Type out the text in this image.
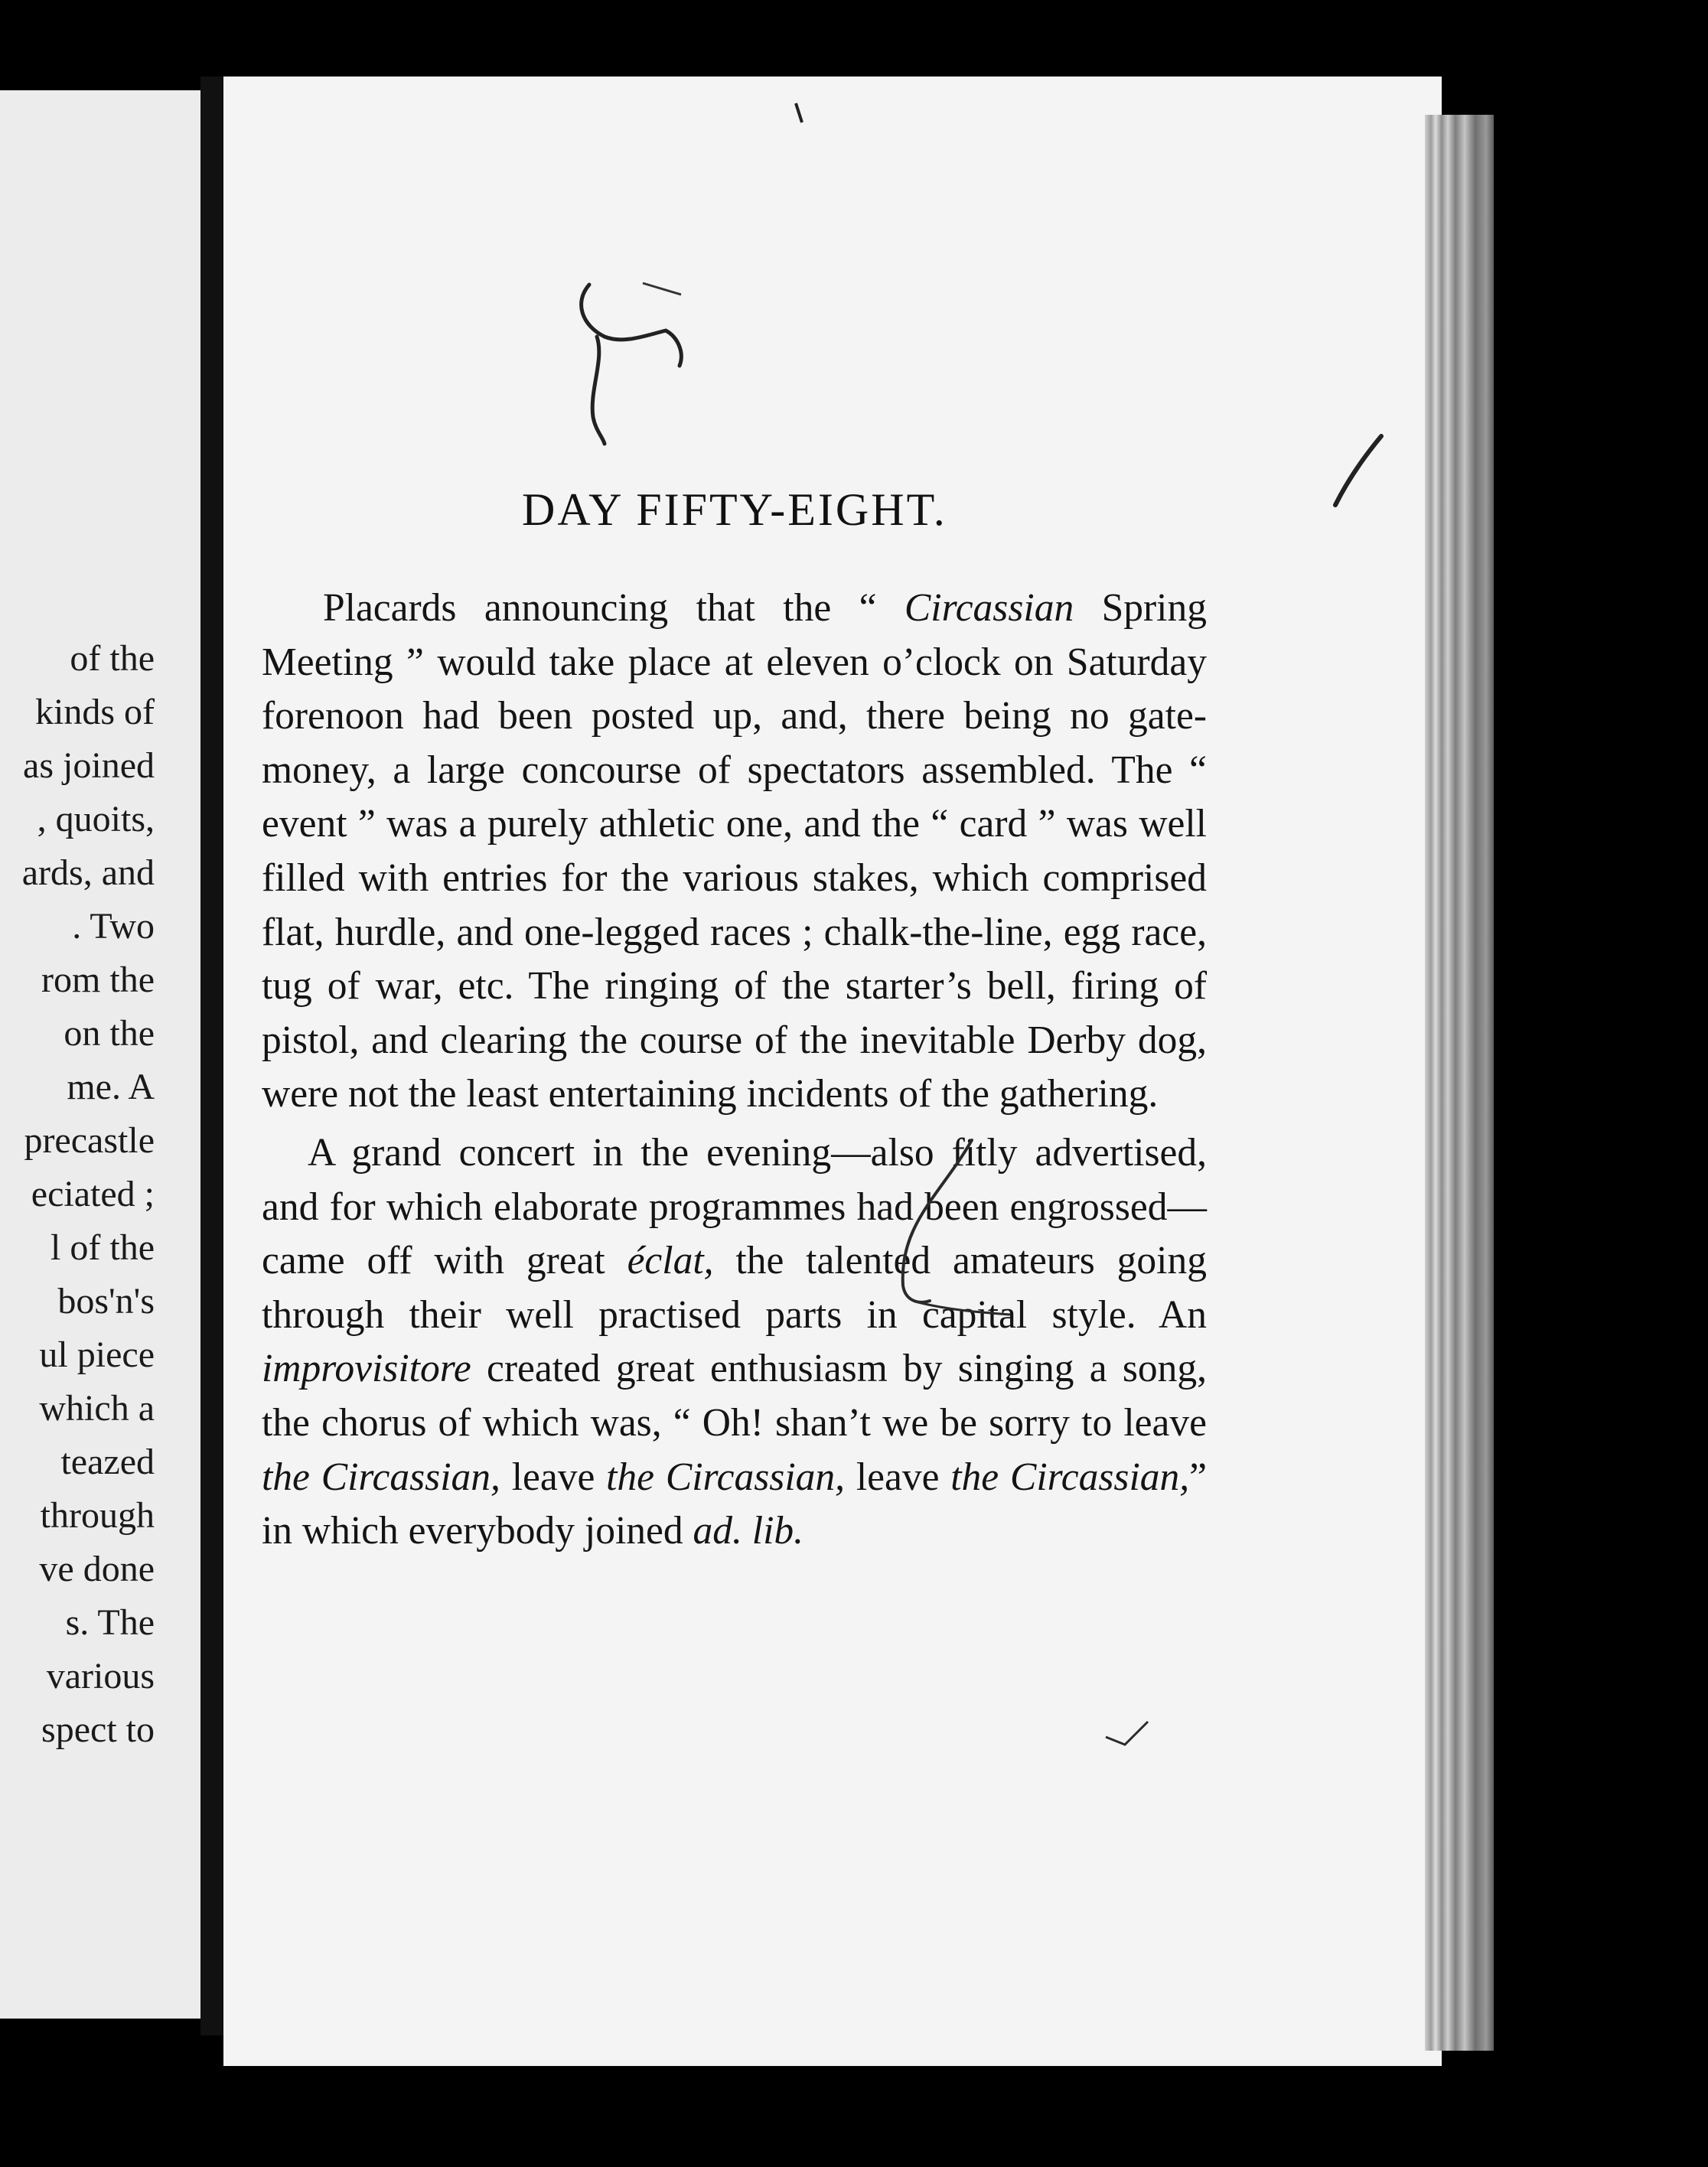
of the
kinds of
as joined
, quoits,
ards, and
. Two
rom the
on the
me. A
precastle
eciated ;
l of the
bos'n's
ul piece
which a
teazed
through
ve done
s. The
various
spect to
DAY FIFTY-EIGHT.

Placards announcing that the “ Circassian Spring Meeting ” would take place at eleven o’clock on Saturday forenoon had been posted up, and, there being no gate-money, a large concourse of spectators assembled. The “ event ” was a purely athletic one, and the “ card ” was well filled with entries for the various stakes, which comprised flat, hurdle, and one-legged races ; chalk-the-line, egg race, tug of war, etc. The ringing of the starter’s bell, firing of pistol, and clearing the course of the inevitable Derby dog, were not the least entertaining incidents of the gathering.

A grand concert in the evening—also fitly advertised, and for which elaborate programmes had been engrossed—came off with great éclat, the talented amateurs going through their well practised parts in capital style. An improvisitore created great enthusiasm by singing a song, the chorus of which was, “ Oh! shan’t we be sorry to leave the Circassian, leave the Circassian, leave the Circassian,” in which everybody joined ad. lib.
